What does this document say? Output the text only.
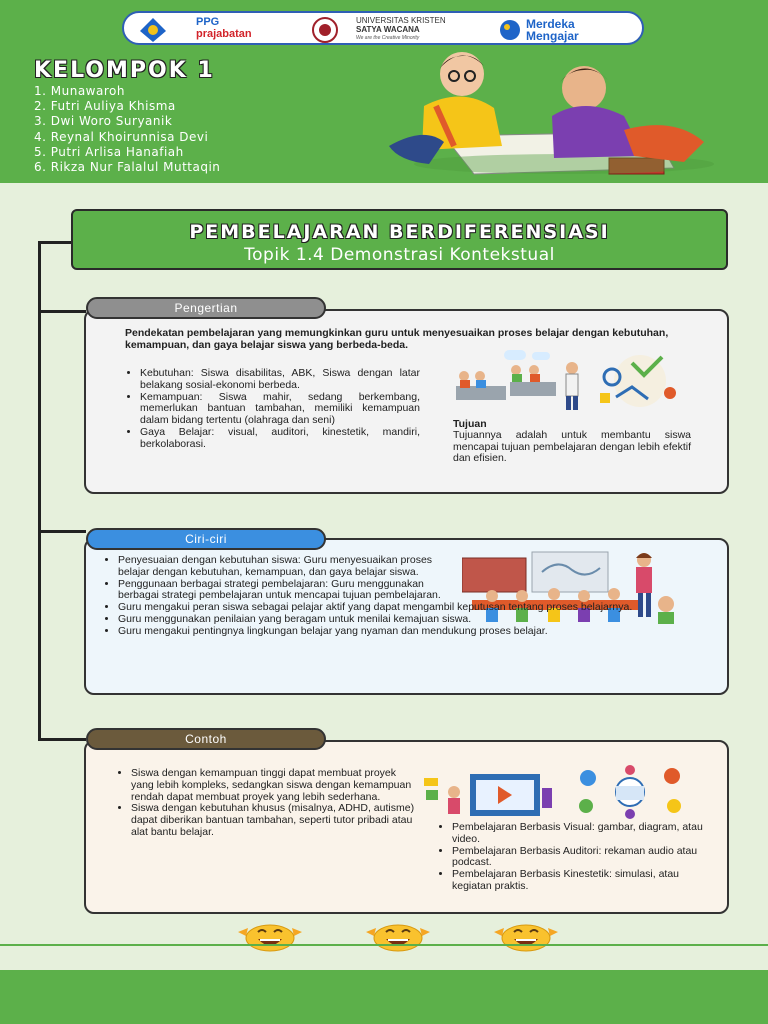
PPG
prajabatan
UNIVERSITAS KRISTEN
SATYA WACANA
We are the Creative Minority
Merdeka
Mengajar
KELOMPOK 1
1. Munawaroh
2. Futri Auliya Khisma
3. Dwi Woro Suryanik
4. Reynal Khoirunnisa Devi
5. Putri Arlisa Hanafiah
6. Rikza Nur Falalul Muttaqin
PEMBELAJARAN BERDIFERENSIASI
Topik 1.4 Demonstrasi Kontekstual
Pengertian
Pendekatan pembelajaran yang memungkinkan guru untuk menyesuaikan proses belajar dengan kebutuhan, kemampuan, dan gaya belajar siswa yang berbeda-beda.
• Kebutuhan: Siswa disabilitas, ABK, Siswa dengan latar belakang sosial-ekonomi berbeda.
• Kemampuan: Siswa mahir, sedang berkembang, memerlukan bantuan tambahan, memiliki kemampuan dalam bidang tertentu (olahraga dan seni)
• Gaya Belajar: visual, auditori, kinestetik, mandiri, berkolaborasi.
Tujuan
Tujuannya adalah untuk membantu siswa mencapai tujuan pembelajaran dengan lebih efektif dan efisien.
Ciri-ciri
• Penyesuaian dengan kebutuhan siswa: Guru menyesuaikan proses belajar dengan kebutuhan, kemampuan, dan gaya belajar siswa.
• Penggunaan berbagai strategi pembelajaran: Guru menggunakan berbagai strategi pembelajaran untuk mencapai tujuan pembelajaran.
• Guru mengakui peran siswa sebagai pelajar aktif yang dapat mengambil keputusan tentang proses belajarnya.
• Guru menggunakan penilaian yang beragam untuk menilai kemajuan siswa.
• Guru mengakui pentingnya lingkungan belajar yang nyaman dan mendukung proses belajar.
Contoh
• Siswa dengan kemampuan tinggi dapat membuat proyek yang lebih kompleks, sedangkan siswa dengan kemampuan rendah dapat membuat proyek yang lebih sederhana.
• Siswa dengan kebutuhan khusus (misalnya, ADHD, autisme) dapat diberikan bantuan tambahan, seperti tutor pribadi atau alat bantu belajar.
•	Pembelajaran Berbasis Visual: gambar, diagram, atau video.
• Pembelajaran Berbasis Auditori: rekaman audio atau podcast.
• Pembelajaran Berbasis Kinestetik: simulasi, atau kegiatan praktis.
